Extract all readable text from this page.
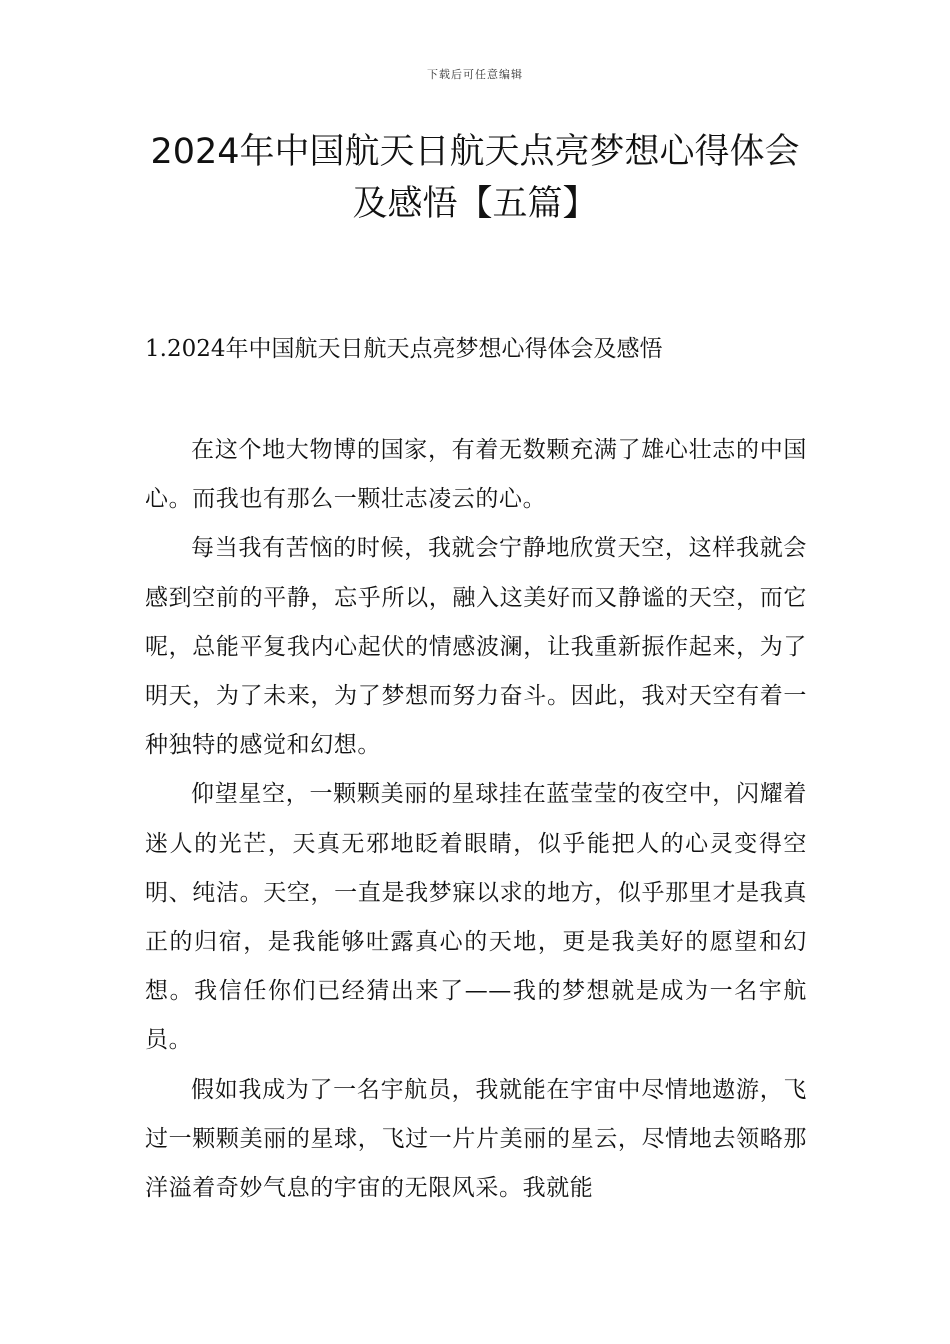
下载后可任意编辑
2024年中国航天日航天点亮梦想心得体会
及感悟【五篇】
1.2024年中国航天日航天点亮梦想心得体会及感悟

在这个地大物博的国家，有着无数颗充满了雄心壮志的中国心。而我也有那么一颗壮志凌云的心。

每当我有苦恼的时候，我就会宁静地欣赏天空，这样我就会感到空前的平静，忘乎所以，融入这美好而又静谧的天空，而它呢，总能平复我内心起伏的情感波澜，让我重新振作起来，为了明天，为了未来，为了梦想而努力奋斗。因此，我对天空有着一种独特的感觉和幻想。

仰望星空，一颗颗美丽的星球挂在蓝莹莹的夜空中，闪耀着迷人的光芒，天真无邪地眨着眼睛，似乎能把人的心灵变得空明、纯洁。天空，一直是我梦寐以求的地方，似乎那里才是我真正的归宿，是我能够吐露真心的天地，更是我美好的愿望和幻想。我信任你们已经猜出来了——我的梦想就是成为一名宇航员。

假如我成为了一名宇航员，我就能在宇宙中尽情地遨游，飞过一颗颗美丽的星球，飞过一片片美丽的星云，尽情地去领略那洋溢着奇妙气息的宇宙的无限风采。我就能
